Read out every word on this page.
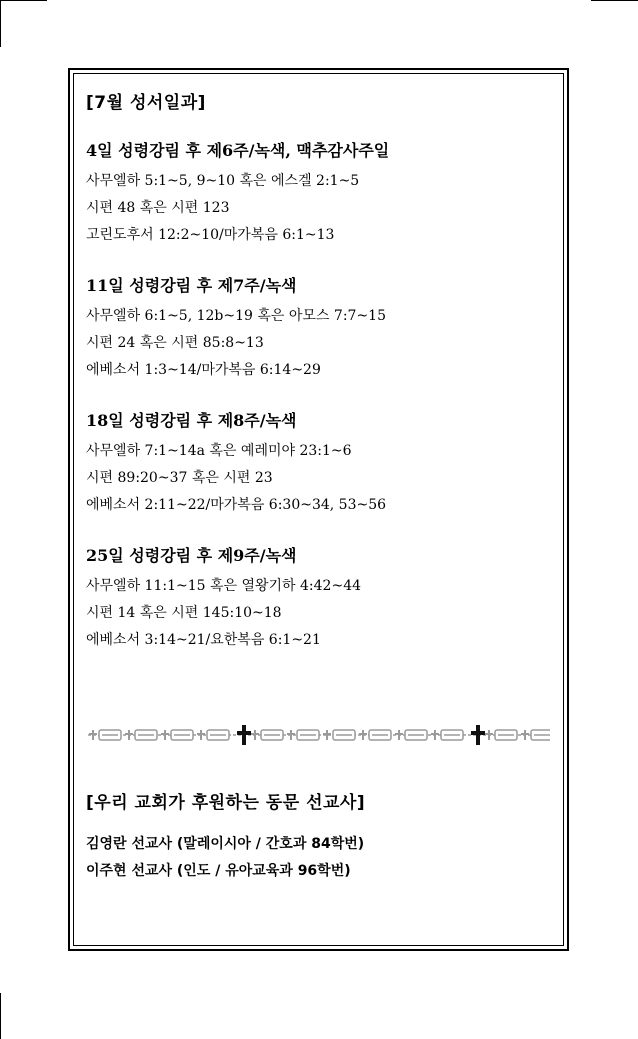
[7월 성서일과]
4일 성령강림 후 제6주/녹색, 맥추감사주일
사무엘하 5:1~5, 9~10 혹은 에스겔 2:1~5
시편 48 혹은 시편 123
고린도후서 12:2~10/마가복음 6:1~13
11일 성령강림 후 제7주/녹색
사무엘하 6:1~5, 12b~19 혹은 아모스 7:7~15
시편 24 혹은 시편 85:8~13
에베소서 1:3~14/마가복음 6:14~29
18일 성령강림 후 제8주/녹색
사무엘하 7:1~14a 혹은 예레미야 23:1~6
시편 89:20~37 혹은 시편 23
에베소서 2:11~22/마가복음 6:30~34, 53~56
25일 성령강림 후 제9주/녹색
사무엘하 11:1~15 혹은 열왕기하 4:42~44
시편 14 혹은 시편 145:10~18
에베소서 3:14~21/요한복음 6:1~21
[우리 교회가 후원하는 동문 선교사]
김영란 선교사 (말레이시아 / 간호과 84학번)
이주현 선교사 (인도 / 유아교육과 96학번)
